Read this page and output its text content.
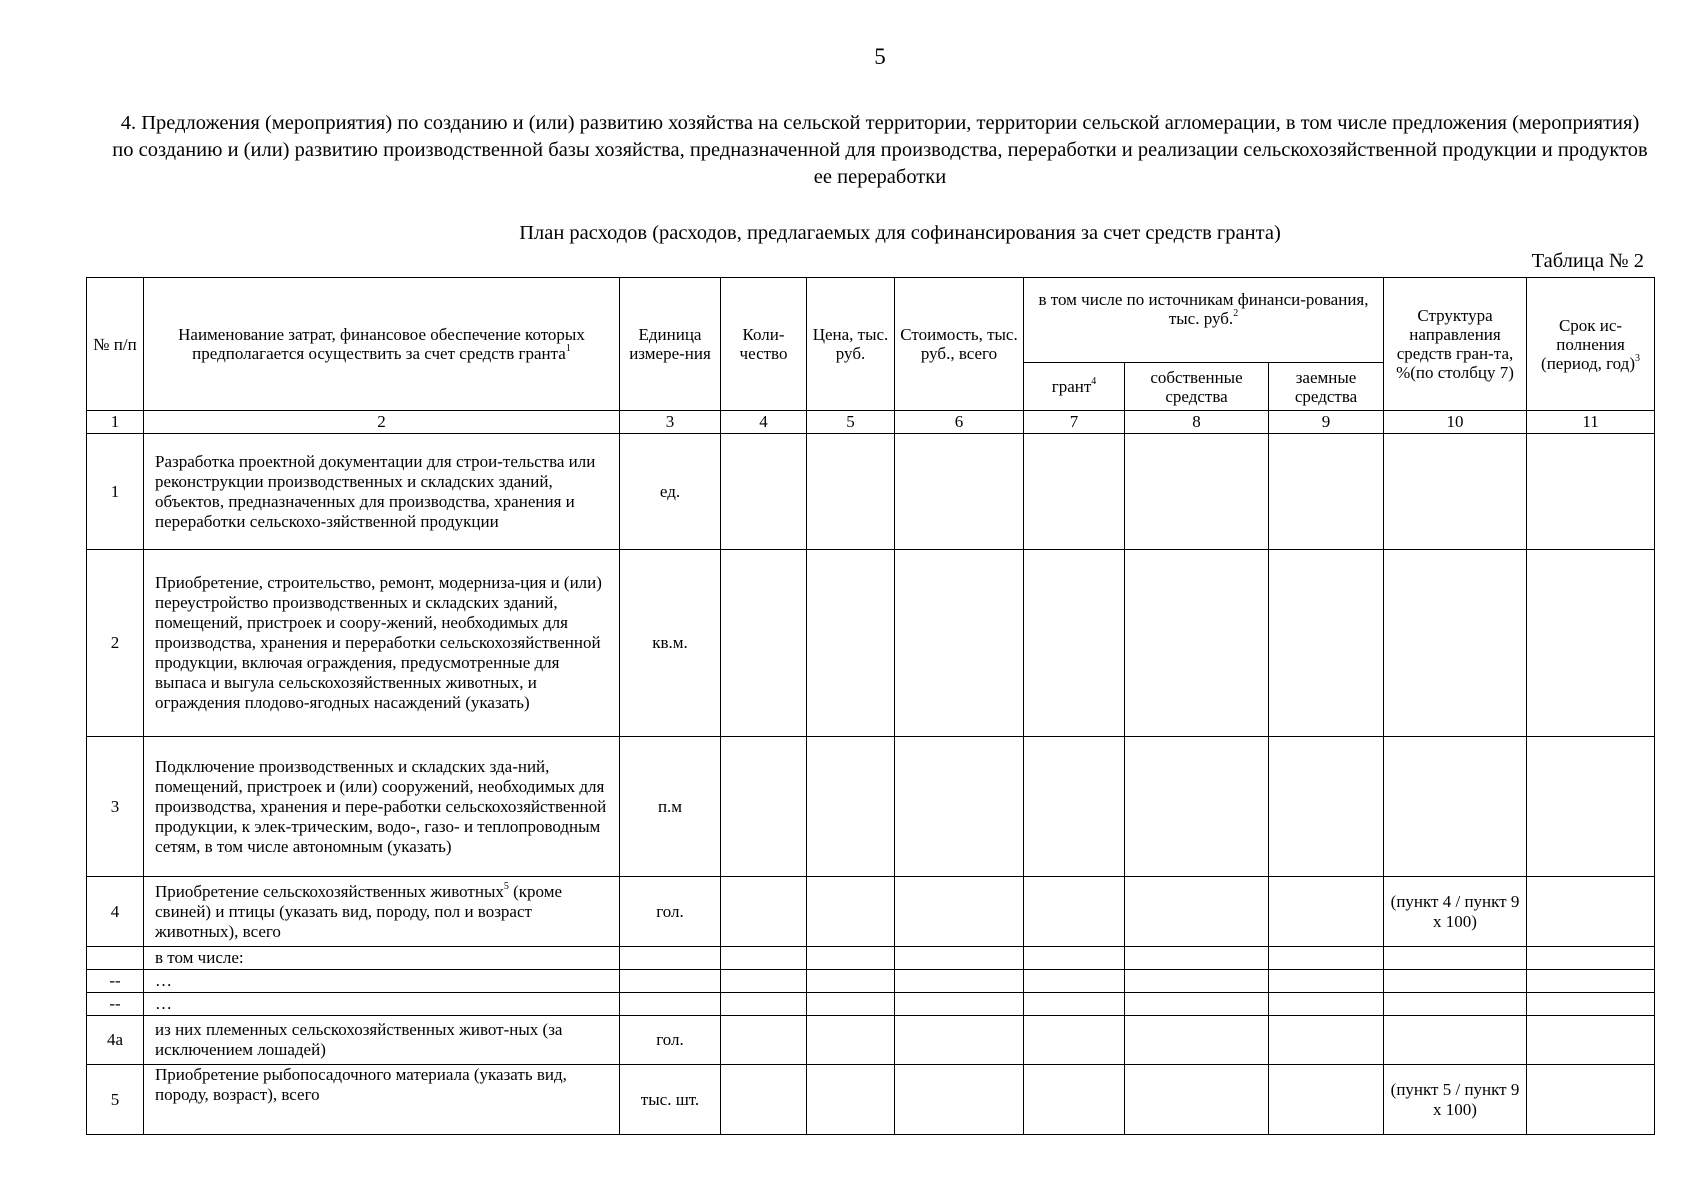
5
4. Предложения (мероприятия) по созданию и (или) развитию хозяйства на сельской территории, территории сельской агломерации, в том числе предложения (мероприятия) по созданию и (или) развитию производственной базы хозяйства, предназначенной для производства, переработки и реализации сельскохозяйственной продукции и продуктов ее переработки
План расходов (расходов, предлагаемых для софинансирования за счет средств гранта)
Таблица № 2
№ п/п	Наименование затрат, финансовое обеспечение которых предполагается осуществить за счет средств гранта$^1$	Единица измере-ния	Коли-чество	Цена, тыс. руб.	Стоимость, тыс. руб., всего	в том числе по источникам финанси-рования, тыс. руб.$^2$			Структура направления средств гран-та, %(по столбцу 7)	Срок ис-полнения (период, год)$^3$
						грант$^4$	собственные средства	заемные средства		
1	2	3	4	5	6	7	8	9	10	11
1	Разработка проектной документации для строи-тельства или реконструкции производственных и складских зданий, объектов, предназначенных для производства, хранения и переработки сельскохо-зяйственной продукции	ед.								
2	Приобретение, строительство, ремонт, модерниза-ция и (или) переустройство производственных и складских зданий, помещений, пристроек и соору-жений, необходимых для производства, хранения и переработки сельскохозяйственной продукции, включая ограждения, предусмотренные для выпаса и выгула сельскохозяйственных животных, и ограждения плодово-ягодных насаждений (указать)	кв.м.								
3	Подключение производственных и складских зда-ний, помещений, пристроек и (или) сооружений, необходимых для производства, хранения и пере-работки сельскохозяйственной продукции, к элек-трическим, водо-, газо- и теплопроводным сетям, в том числе автономным (указать)	п.м								
4	Приобретение сельскохозяйственных животных$^5$ (кроме свиней) и птицы (указать вид, породу, пол и возраст животных), всего	гол.							(пункт 4 / пункт 9 х 100)	
	в том числе:									
--	…									
--	…									
4а	из них племенных сельскохозяйственных живот-ных (за исключением лошадей)	гол.								
5	Приобретение рыбопосадочного материала (указать вид, породу, возраст), всего	тыс. шт.							(пункт 5 / пункт 9 х 100)	
